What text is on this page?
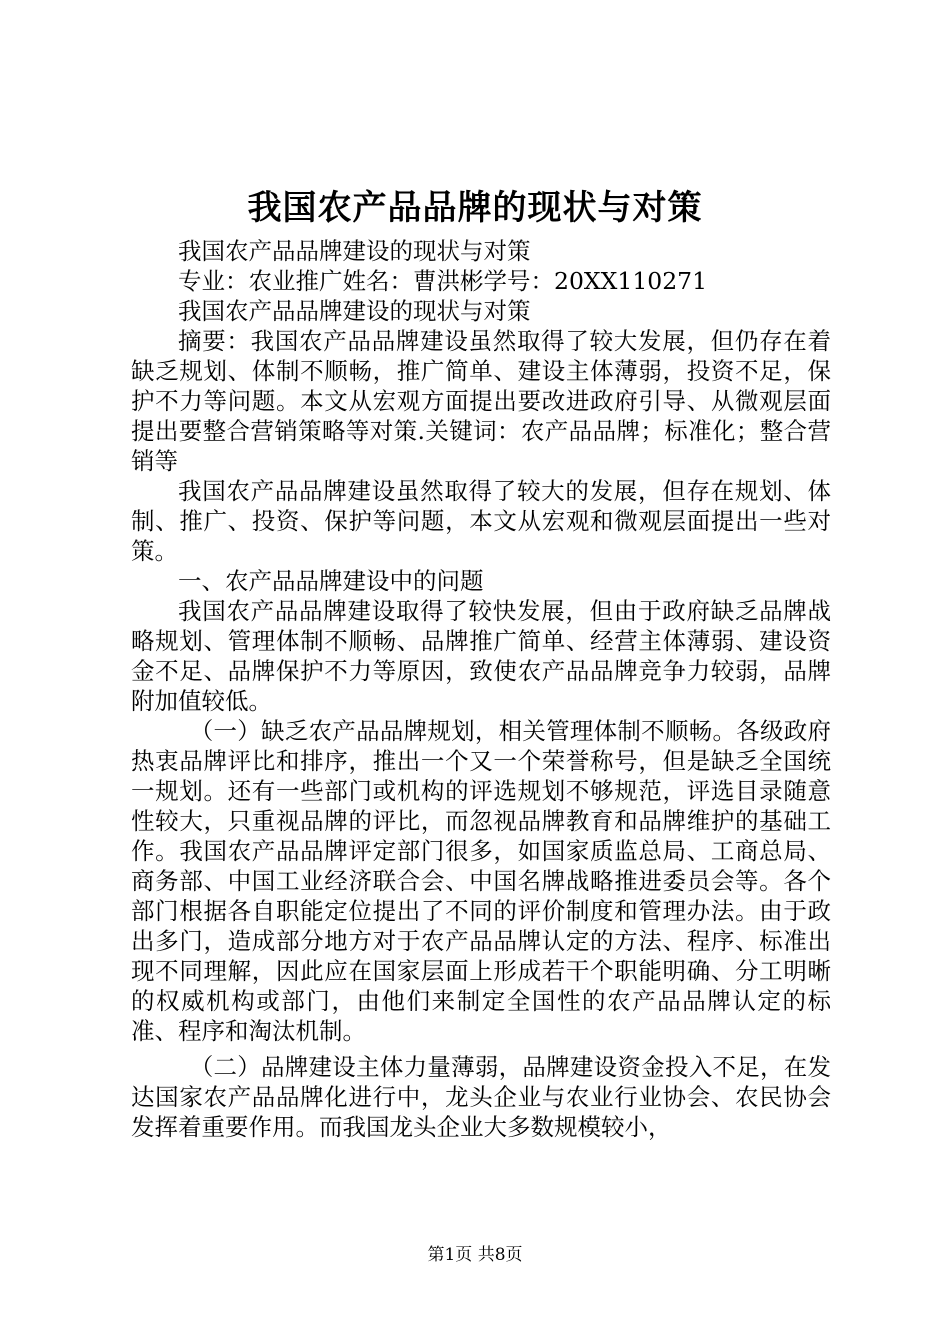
我国农产品品牌的现状与对策

我国农产品品牌建设的现状与对策

专业：农业推广姓名：曹洪彬学号：20XX110271

我国农产品品牌建设的现状与对策

摘要：我国农产品品牌建设虽然取得了较大发展，但仍存在着缺乏规划、体制不顺畅，推广简单、建设主体薄弱，投资不足，保护不力等问题。本文从宏观方面提出要改进政府引导、从微观层面提出要整合营销策略等对策.关键词：农产品品牌；标准化；整合营销等

我国农产品品牌建设虽然取得了较大的发展，但存在规划、体制、推广、投资、保护等问题，本文从宏观和微观层面提出一些对策。

一、农产品品牌建设中的问题

我国农产品品牌建设取得了较快发展，但由于政府缺乏品牌战略规划、管理体制不顺畅、品牌推广简单、经营主体薄弱、建设资金不足、品牌保护不力等原因，致使农产品品牌竞争力较弱，品牌附加值较低。

（一）缺乏农产品品牌规划，相关管理体制不顺畅。各级政府热衷品牌评比和排序，推出一个又一个荣誉称号，但是缺乏全国统一规划。还有一些部门或机构的评选规划不够规范，评选目录随意性较大，只重视品牌的评比，而忽视品牌教育和品牌维护的基础工作。我国农产品品牌评定部门很多，如国家质监总局、工商总局、商务部、中国工业经济联合会、中国名牌战略推进委员会等。各个部门根据各自职能定位提出了不同的评价制度和管理办法。由于政出多门，造成部分地方对于农产品品牌认定的方法、程序、标准出现不同理解，因此应在国家层面上形成若干个职能明确、分工明晰的权威机构或部门，由他们来制定全国性的农产品品牌认定的标准、程序和淘汰机制。

（二）品牌建设主体力量薄弱，品牌建设资金投入不足，在发达国家农产品品牌化进行中，龙头企业与农业行业协会、农民协会发挥着重要作用。而我国龙头企业大多数规模较小，

第1页 共8页
